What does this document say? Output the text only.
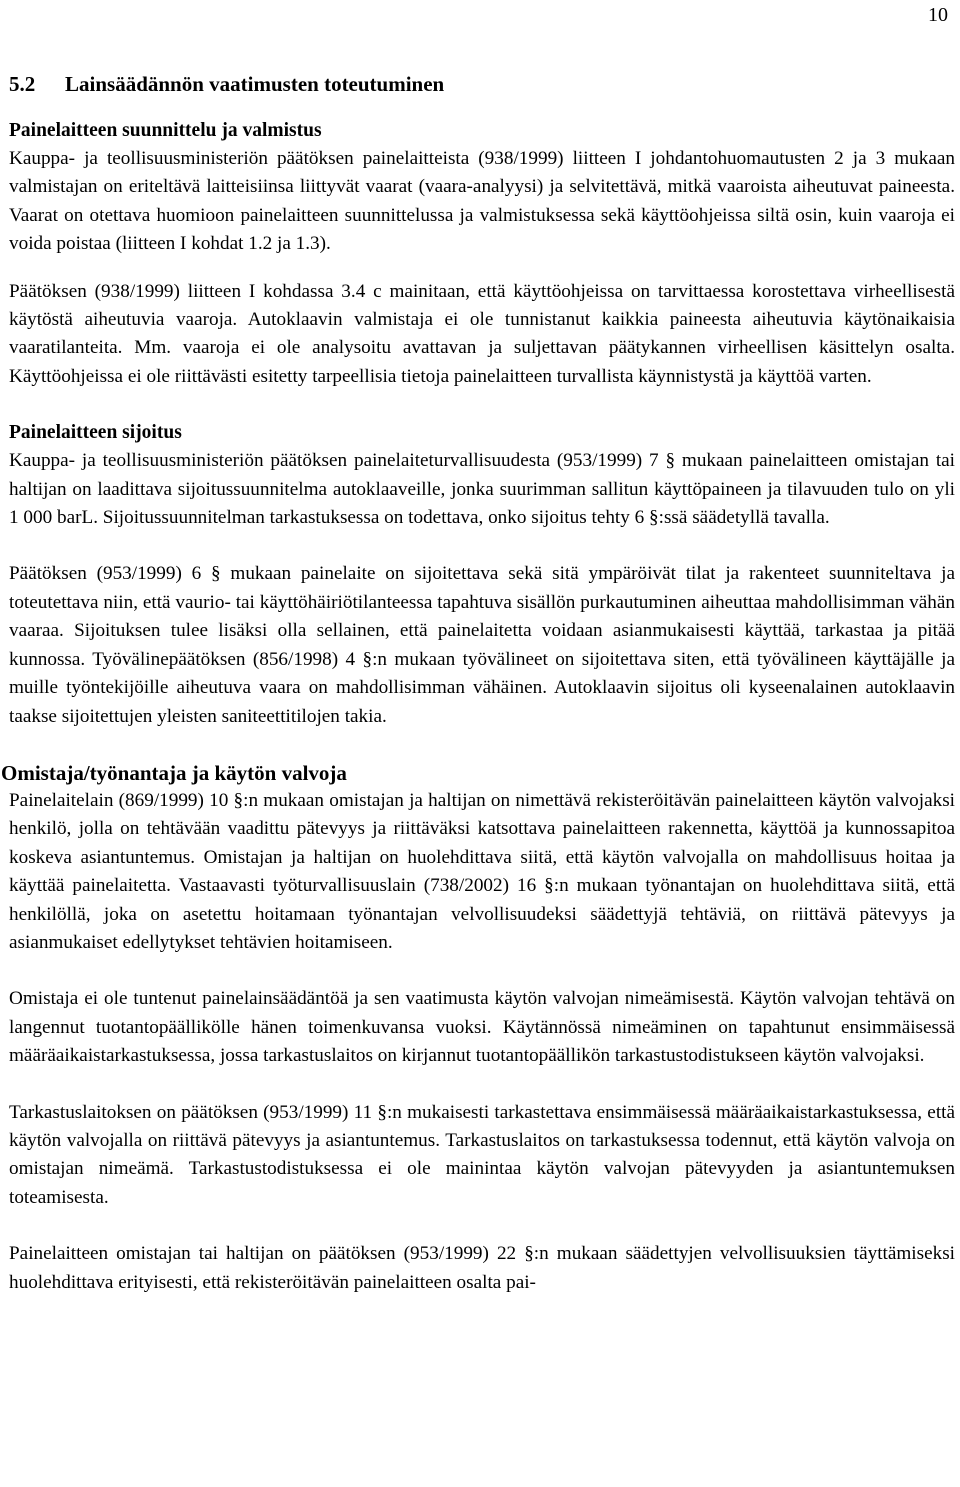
10
5.2 Lainsäädännön vaatimusten toteutuminen
Painelaitteen suunnittelu ja valmistus

Kauppa- ja teollisuusministeriön päätöksen painelaitteista (938/1999) liitteen I johdantohuomautusten 2 ja 3 mukaan valmistajan on eriteltävä laitteisiinsa liittyvät vaarat (vaara-analyysi) ja selvitettävä, mitkä vaaroista aiheutuvat paineesta. Vaarat on otettava huomioon painelaitteen suunnittelussa ja valmistuksessa sekä käyttöohjeissa siltä osin, kuin vaaroja ei voida poistaa (liitteen I kohdat 1.2 ja 1.3).

Päätöksen (938/1999) liitteen I kohdassa 3.4 c mainitaan, että käyttöohjeissa on tarvittaessa korostettava virheellisestä käytöstä aiheutuvia vaaroja. Autoklaavin valmistaja ei ole tunnistanut kaikkia paineesta aiheutuvia käytönaikaisia vaaratilanteita. Mm. vaaroja ei ole analysoitu avattavan ja suljettavan päätykannen virheellisen käsittelyn osalta. Käyttöohjeissa ei ole riittävästi esitetty tarpeellisia tietoja painelaitteen turvallista käynnistystä ja käyttöä varten.

Painelaitteen sijoitus

Kauppa- ja teollisuusministeriön päätöksen painelaiteturvallisuudesta (953/1999) 7 § mukaan painelaitteen omistajan tai haltijan on laadittava sijoitussuunnitelma autoklaaveille, jonka suurimman sallitun käyttöpaineen ja tilavuuden tulo on yli 1 000 barL. Sijoitussuunnitelman tarkastuksessa on todettava, onko sijoitus tehty 6 §:ssä säädetyllä tavalla.

Päätöksen (953/1999) 6 § mukaan painelaite on sijoitettava sekä sitä ympäröivät tilat ja rakenteet suunniteltava ja toteutettava niin, että vaurio- tai käyttöhäiriötilanteessa tapahtuva sisällön purkautuminen aiheuttaa mahdollisimman vähän vaaraa. Sijoituksen tulee lisäksi olla sellainen, että painelaitetta voidaan asianmukaisesti käyttää, tarkastaa ja pitää kunnossa. Työvälinepäätöksen (856/1998) 4 §:n mukaan työvälineet on sijoitettava siten, että työvälineen käyttäjälle ja muille työntekijöille aiheutuva vaara on mahdollisimman vähäinen. Autoklaavin sijoitus oli kyseenalainen autoklaavin taakse sijoitettujen yleisten saniteettitilojen takia.

Omistaja/työnantaja ja käytön valvoja

Painelaitelain (869/1999) 10 §:n mukaan omistajan ja haltijan on nimettävä rekisteröitävän painelaitteen käytön valvojaksi henkilö, jolla on tehtävään vaadittu pätevyys ja riittäväksi katsottava painelaitteen rakennetta, käyttöä ja kunnossapitoa koskeva asiantuntemus. Omistajan ja haltijan on huolehdittava siitä, että käytön valvojalla on mahdollisuus hoitaa ja käyttää painelaitetta. Vastaavasti työturvallisuuslain (738/2002) 16 §:n mukaan työnantajan on huolehdittava siitä, että henkilöllä, joka on asetettu hoitamaan työnantajan velvollisuudeksi säädettyjä tehtäviä, on riittävä pätevyys ja asianmukaiset edellytykset tehtävien hoitamiseen.

Omistaja ei ole tuntenut painelainsäädäntöä ja sen vaatimusta käytön valvojan nimeämisestä. Käytön valvojan tehtävä on langennut tuotantopäällikölle hänen toimenkuvansa vuoksi. Käytännössä nimeäminen on tapahtunut ensimmäisessä määräaikaistarkastuksessa, jossa tarkastuslaitos on kirjannut tuotantopäällikön tarkastustodistukseen käytön valvojaksi.

Tarkastuslaitoksen on päätöksen (953/1999) 11 §:n mukaisesti tarkastettava ensimmäisessä määräaikaistarkastuksessa, että käytön valvojalla on riittävä pätevyys ja asiantuntemus. Tarkastuslaitos on tarkastuksessa todennut, että käytön valvoja on omistajan nimeämä. Tarkastustodistuksessa ei ole mainintaa käytön valvojan pätevyyden ja asiantuntemuksen toteamisesta.

Painelaitteen omistajan tai haltijan on päätöksen (953/1999) 22 §:n mukaan säädettyjen velvollisuuksien täyttämiseksi huolehdittava erityisesti, että rekisteröitävän painelaitteen osalta pai-
